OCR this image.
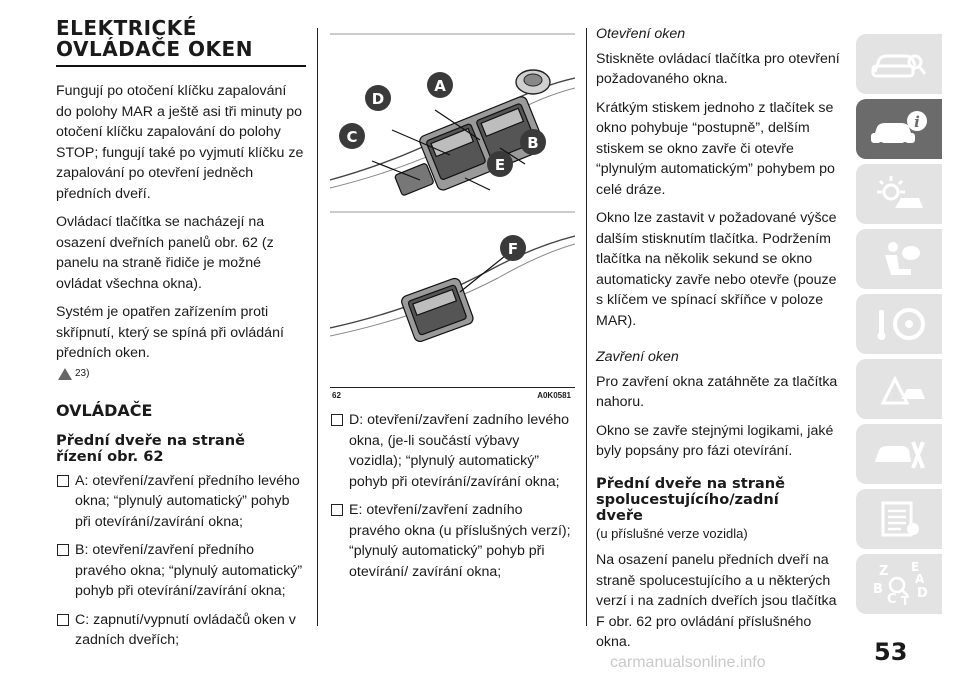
ELEKTRICKÉ
OVLÁDAČE OKEN

Fungují po otočení klíčku zapalování do polohy MAR a ještě asi tři minuty po otočení klíčku zapalování do polohy STOP; fungují také po vyjmutí klíčku ze zapalování po otevření jedněch předních dveří.

Ovládací tlačítka se nacházejí na osazení dveřních panelů obr. 62 (z panelu na straně řidiče je možné ovládat všechna okna).

Systém je opatřen zařízením proti skřípnutí, který se spíná při ovládání předních oken.

23)
OVLÁDAČE
Přední dveře na straně
řízení obr. 62
A: otevření/zavření předního levého okna; “plynulý automatický” pohyb při otevírání/zavírání okna;
B: otevření/zavření předního pravého okna; “plynulý automatický” pohyb při otevírání/zavírání okna;
C: zapnutí/vypnutí ovládačů oken v zadních dveřích;
A
B
C
D
E
F
62	A0K0581
D: otevření/zavření zadního levého okna, (je-li součástí výbavy vozidla); “plynulý automatický” pohyb při otevírání/zavírání okna;
E: otevření/zavření zadního pravého okna (u příslušných verzí); “plynulý automatický” pohyb při otevírání/ zavírání okna;

Otevření oken

Stiskněte ovládací tlačítka pro otevření požadovaného okna.

Krátkým stiskem jednoho z tlačítek se okno pohybuje “postupně”, delším stiskem se okno zavře či otevře “plynulým automatickým” pohybem po celé dráze.

Okno lze zastavit v požadované výšce dalším stisknutím tlačítka. Podržením tlačítka na několik sekund se okno automaticky zavře nebo otevře (pouze s klíčem ve spínací skříňce v poloze MAR).

Zavření oken

Pro zavření okna zatáhněte za tlačítka nahoru.

Okno se zavře stejnými logikami, jaké byly popsány pro fázi otevírání.

Přední dveře na straně
spolucestujícího/zadní
dveře

(u příslušné verze vozidla)

Na osazení panelu předních dveří na straně spolucestujícího a u některých verzí i na zadních dveřích jsou tlačítka F obr. 62 pro ovládání příslušného okna.

i
Z E
B
C T D
A
53
carmanualsonline.info
